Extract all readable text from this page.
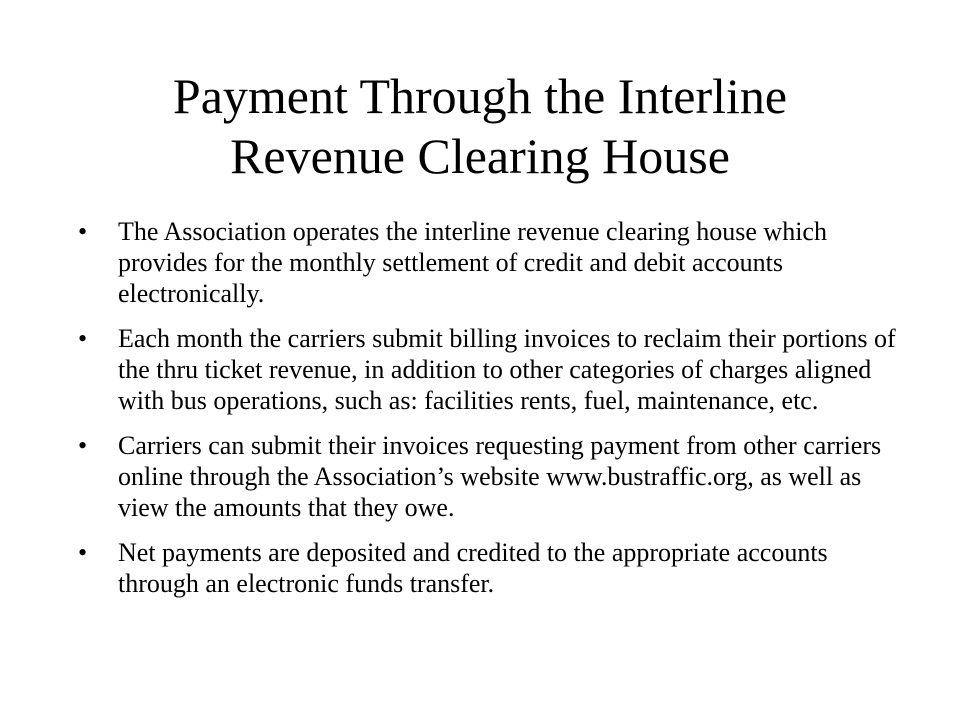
Payment Through the Interline
Revenue Clearing House
• The Association operates the interline revenue clearing house which provides for the monthly settlement of credit and debit accounts electronically.
• Each month the carriers submit billing invoices to reclaim their portions of the thru ticket revenue, in addition to other categories of charges aligned with bus operations, such as: facilities rents, fuel, maintenance, etc.
• Carriers can submit their invoices requesting payment from other carriers online through the Association’s website www.bustraffic.org, as well as view the amounts that they owe.
• Net payments are deposited and credited to the appropriate accounts through an electronic funds transfer.
